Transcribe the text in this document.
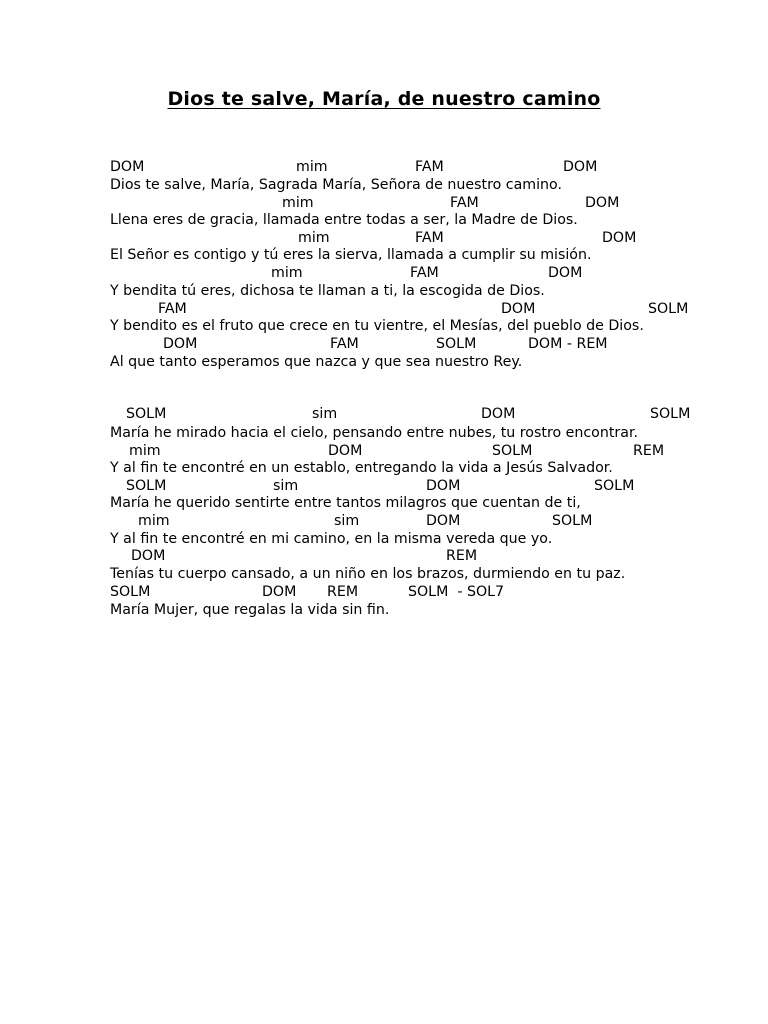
Dios te salve, María, de nuestro camino
DOM	mim	FAM	DOM

Dios te salve, María, Sagrada María, Señora de nuestro camino.

mim	FAM	DOM

Llena eres de gracia, llamada entre todas a ser, la Madre de Dios.

mim	FAM	DOM

El Señor es contigo y tú eres la sierva, llamada a cumplir su misión.

mim	FAM	DOM

Y bendita tú eres, dichosa te llaman a ti, la escogida de Dios.

FAM	DOM	SOLM

Y bendito es el fruto que crece en tu vientre, el Mesías, del pueblo de Dios.

DOM	FAM	SOLM	DOM - REM

Al que tanto esperamos que nazca y que sea nuestro Rey.

SOLM	sim	DOM	SOLM

María he mirado hacia el cielo, pensando entre nubes, tu rostro encontrar.

mim	DOM	SOLM	REM

Y al fin te encontré en un establo, entregando la vida a Jesús Salvador.

SOLM	sim	DOM	SOLM

María he querido sentirte entre tantos milagros que cuentan de ti,

mim	sim	DOM	SOLM

Y al fin te encontré en mi camino, en la misma vereda que yo.

DOM	REM

Tenías tu cuerpo cansado, a un niño en los brazos, durmiendo en tu paz.

SOLM	DOM REM	SOLM  - SOL7

María Mujer, que regalas la vida sin fin.
